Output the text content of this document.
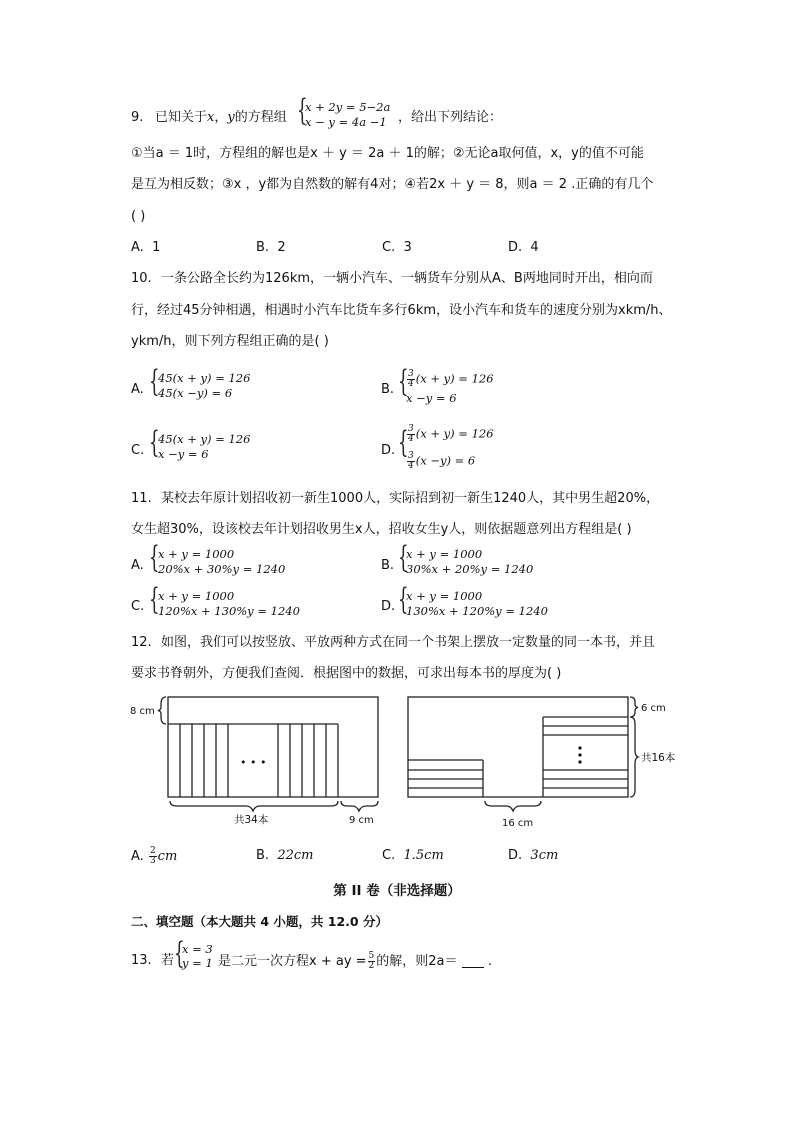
9. 已知关于x，y的方程组 {
x + 2y = 5−2a
x − y = 4a −1 ，给出下列结论：
①当a ＝ 1时，方程组的解也是x ＋ y ＝ 2a ＋ 1的解；②无论a取何值，x，y的值不可能
是互为相反数；③x ，y都为自然数的解有4对；④若2x ＋ y ＝ 8，则a ＝ 2 .正确的有几个
( )
A. 1	B. 2	C. 3	D. 4
10. 一条公路全长约为126km，一辆小汽车、一辆货车分别从A、B两地同时开出，相向而
行，经过45分钟相遇，相遇时小汽车比货车多行6km，设小汽车和货车的速度分别为xkm/h、
ykm/h，则下列方程组正确的是( )
A. {
45(x + y) = 126
45(x −y) = 6	B. {
$\frac{3}{4} (x + y) = 126$
x −y = 6
C. {
45(x + y) = 126
x −y = 6	D. {
$\frac{3}{4} (x + y) = 126$
$\frac{3}{4} (x -y) = 6$
11. 某校去年原计划招收初一新生1000人，实际招到初一新生1240人，其中男生超20%，
女生超30%，设该校去年计划招收男生x人，招收女生y人，则依据题意列出方程组是( )
A. {
x + y = 1000
20%x + 30%y = 1240	B. {
x + y = 1000
30%x + 20%y = 1240
C. {
x + y = 1000
120%x + 130%y = 1240	D. {
x + y = 1000
130%x + 120%y = 1240
12. 如图，我们可以按竖放、平放两种方式在同一个书架上摆放一定数量的同一本书，并且
要求书脊朝外，方便我们查阅．根据图中的数据，可求出每本书的厚度为( )
8 cm
• • •
共34本	9 cm
6 cm
共16本
16 cm
A. $\frac{2}{3}$ cm	B. 22cm	C. 1.5cm	D. 3cm
第 II 卷（非选择题）
二、填空题（本大题共 4 小题，共 12.0 分）
13. 若 {
x = 3
y = 1 是二元一次方程x + ay = $\frac{5}{2}$ 的解，则2a＝ .
